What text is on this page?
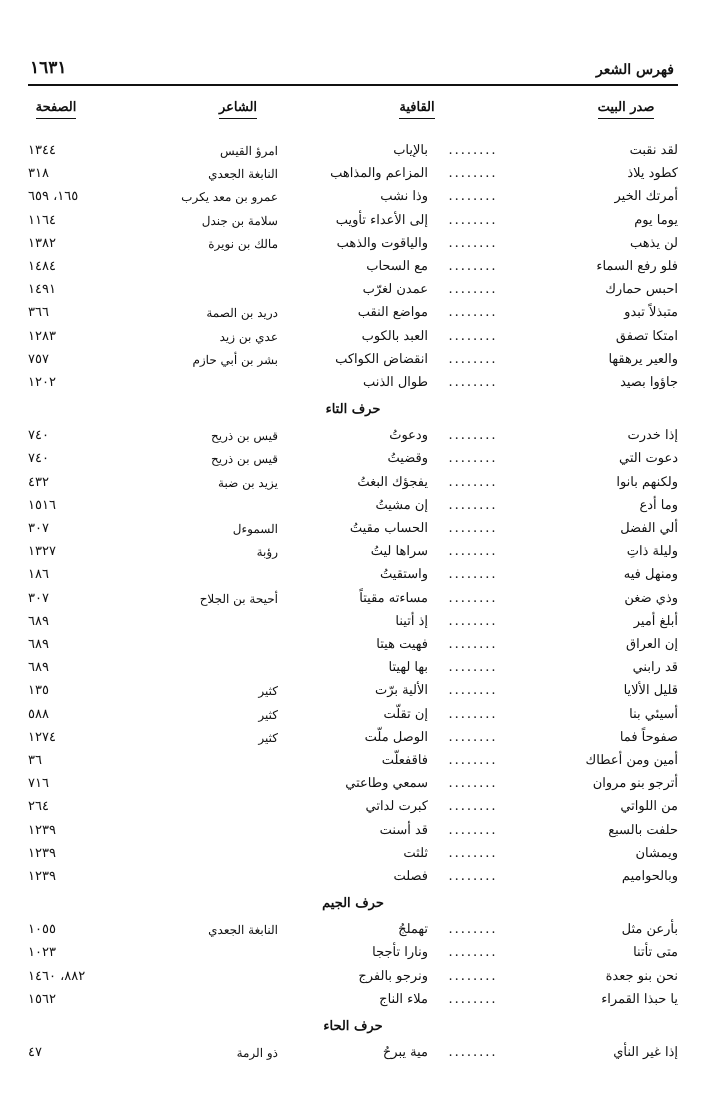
فهرس الشعر
١٦٣١
صدر البيت
القافية
الشاعر
الصفحة
لقد نقبت
........
بالإياب
امرؤ القيس
١٣٤٤
كطود يلاذ
........
المزاعم والمذاهب
النابغة الجعدي
٣١٨
أمرتك الخير
........
وذا نشب
عمرو بن معد يكرب
١٦٥، ٦٥٩
يوما يوم
........
إلى الأعداء تأويب
سلامة بن جندل
١١٦٤
لن يذهب
........
والياقوت والذهب
مالك بن نويرة
١٣٨٢
فلو رفع السماء
........
مع السحاب
١٤٨٤
احبس حمارك
........
عمدن لغرّب
١٤٩١
متبذلاً تبدو
........
مواضع النقب
دريد بن الصمة
٣٦٦
امتكا تصفق
........
العبد بالكوب
عدي بن زيد
١٢٨٣
والعير يرهقها
........
انقضاض الكواكب
بشر بن أبي حازم
٧٥٧
جاؤوا بصيد
........
طوال الذنب
١٢٠٢
حرف التاء
إذا خدرت
........
ودعوتُ
قيس بن ذريح
٧٤٠
دعوت التي
........
وقضيتُ
قيس بن ذريح
٧٤٠
ولكنهم بانوا
........
يفجؤك البغتُ
يزيد بن ضبة
٤٣٢
وما أدع
........
إن مشيتُ
١٥١٦
ألي الفضل
........
الحساب مقيتُ
السموءل
٣٠٧
وليلة ذاتِ
........
سراها ليتُ
رؤبة
١٣٢٧
ومنهل فيه
........
واستقيتُ
١٨٦
وذي ضغن
........
مساءته مقيتاً
أحيحة بن الجلاح
٣٠٧
أبلغ أمير
........
إذ أتينا
٦٨٩
إن العراق
........
فهيت هيتا
٦٨٩
قد رابني
........
بها لهيتا
٦٨٩
قليل الألايا
........
الألية برّت
كثير
١٣٥
أسيئي بنا
........
إن تقلّت
كثير
٥٨٨
صفوحاً فما
........
الوصل ملّت
كثير
١٢٧٤
أمين ومن أعطاك
........
فاقفعلّت
٣٦
أترجو بنو مروان
........
سمعي وطاعتي
٧١٦
من اللواتي
........
كبرت لداتي
٢٦٤
حلفت بالسبع
........
قد أسنت
١٢٣٩
ويمشان
........
ثلثت
١٢٣٩
وبالحواميم
........
فصلت
١٢٣٩
حرف الجيم
بأرعن مثل
........
تهملجُ
النابغة الجعدي
١٠٥٥
متى تأتنا
........
ونارا تأججا
١٠٢٣
نحن بنو جعدة
........
ونرجو بالفرج
٨٨٢، ١٤٦٠
يا حبذا القمراء
........
ملاء الناج
١٥٦٢
حرف الحاء
إذا غير النأي
........
مية يبرحُ
ذو الرمة
٤٧
